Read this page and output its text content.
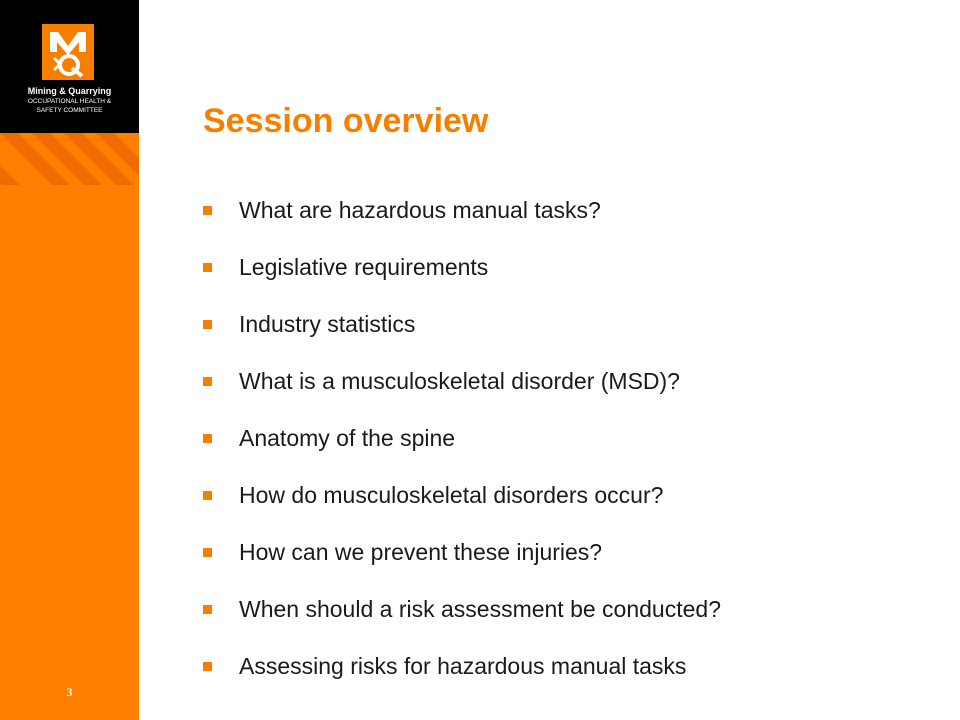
Mining & Quarrying
OCCUPATIONAL HEALTH &
SAFETY COMMITTEE
3
Session overview
What are hazardous manual tasks?
Legislative requirements
Industry statistics
What is a musculoskeletal disorder (MSD)?
Anatomy of the spine
How do musculoskeletal disorders occur?
How can we prevent these injuries?
When should a risk assessment be conducted?
Assessing risks for hazardous manual tasks
